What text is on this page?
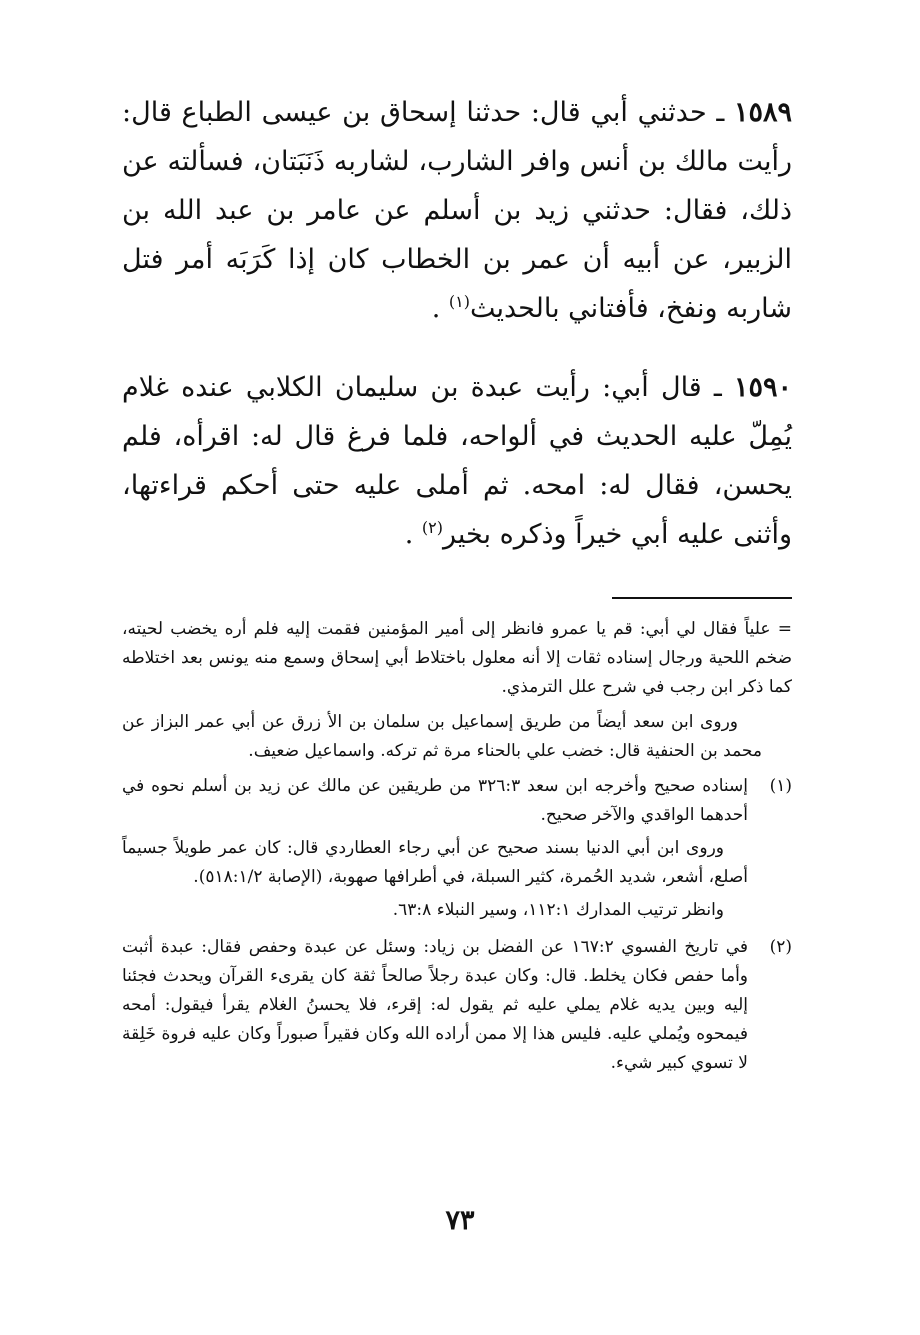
١٥٨٩ ـ حدثني أبي قال: حدثنا إسحاق بن عيسى الطباع قال: رأيت مالك بن أنس وافر الشارب، لشاربه ذَنَبَتان، فسألته عن ذلك، فقال: حدثني زيد بن أسلم عن عامر بن عبد الله بن الزبير، عن أبيه أن عمر بن الخطاب كان إذا كَرَبَه أمر فتل شاربه ونفخ، فأفتاني بالحديث$^{(١)}$ .

١٥٩٠ ـ قال أبي: رأيت عبدة بن سليمان الكلابي عنده غلام يُمِلّ عليه الحديث في ألواحه، فلما فرغ قال له: اقرأه، فلم يحسن، فقال له: امحه. ثم أملى عليه حتى أحكم قراءتها، وأثنى عليه أبي خيراً وذكره بخير$^{(٢)}$ .

= علياً فقال لي أبي: قم يا عمرو فانظر إلى أمير المؤمنين فقمت إليه فلم أره يخضب لحيته، ضخم اللحية ورجال إسناده ثقات إلا أنه معلول باختلاط أبي إسحاق وسمع منه يونس بعد اختلاطه كما ذكر ابن رجب في شرح علل الترمذي.

وروى ابن سعد أيضاً من طريق إسماعيل بن سلمان بن الأ زرق عن أبي عمر البزاز عن محمد بن الحنفية قال: خضب علي بالحناء مرة ثم تركه. واسماعيل ضعيف.

(١)

إسناده صحيح وأخرجه ابن سعد ٣٢٦:٣ من طريقين عن مالك عن زيد بن أسلم نحوه في أحدهما الواقدي والآخر صحيح.

وروى ابن أبي الدنيا بسند صحيح عن أبي رجاء العطاردي قال: كان عمر طويلاً جسيماً أصلع، أشعر، شديد الحُمرة، كثير السبلة، في أطرافها صهوبة، (الإصابة ٥١٨:١/٢).

وانظر ترتيب المدارك ١١٢:١، وسير النبلاء ٦٣:٨.

(٢)

في تاريخ الفسوي ١٦٧:٢ عن الفضل بن زياد: وسئل عن عبدة وحفص فقال: عبدة أثبت وأما حفص فكان يخلط. قال: وكان عبدة رجلاً صالحاً ثقة كان يقرىء القرآن ويحدث فجئنا إليه وبين يديه غلام يملي عليه ثم يقول له: إقرء، فلا يحسنُ الغلام يقرأ فيقول: أمحه فيمحوه ويُملي عليه. فليس هذا إلا ممن أراده الله وكان فقيراً صبوراً وكان عليه فروة خَلِقة لا تسوي كبير شيء.

٧٣
